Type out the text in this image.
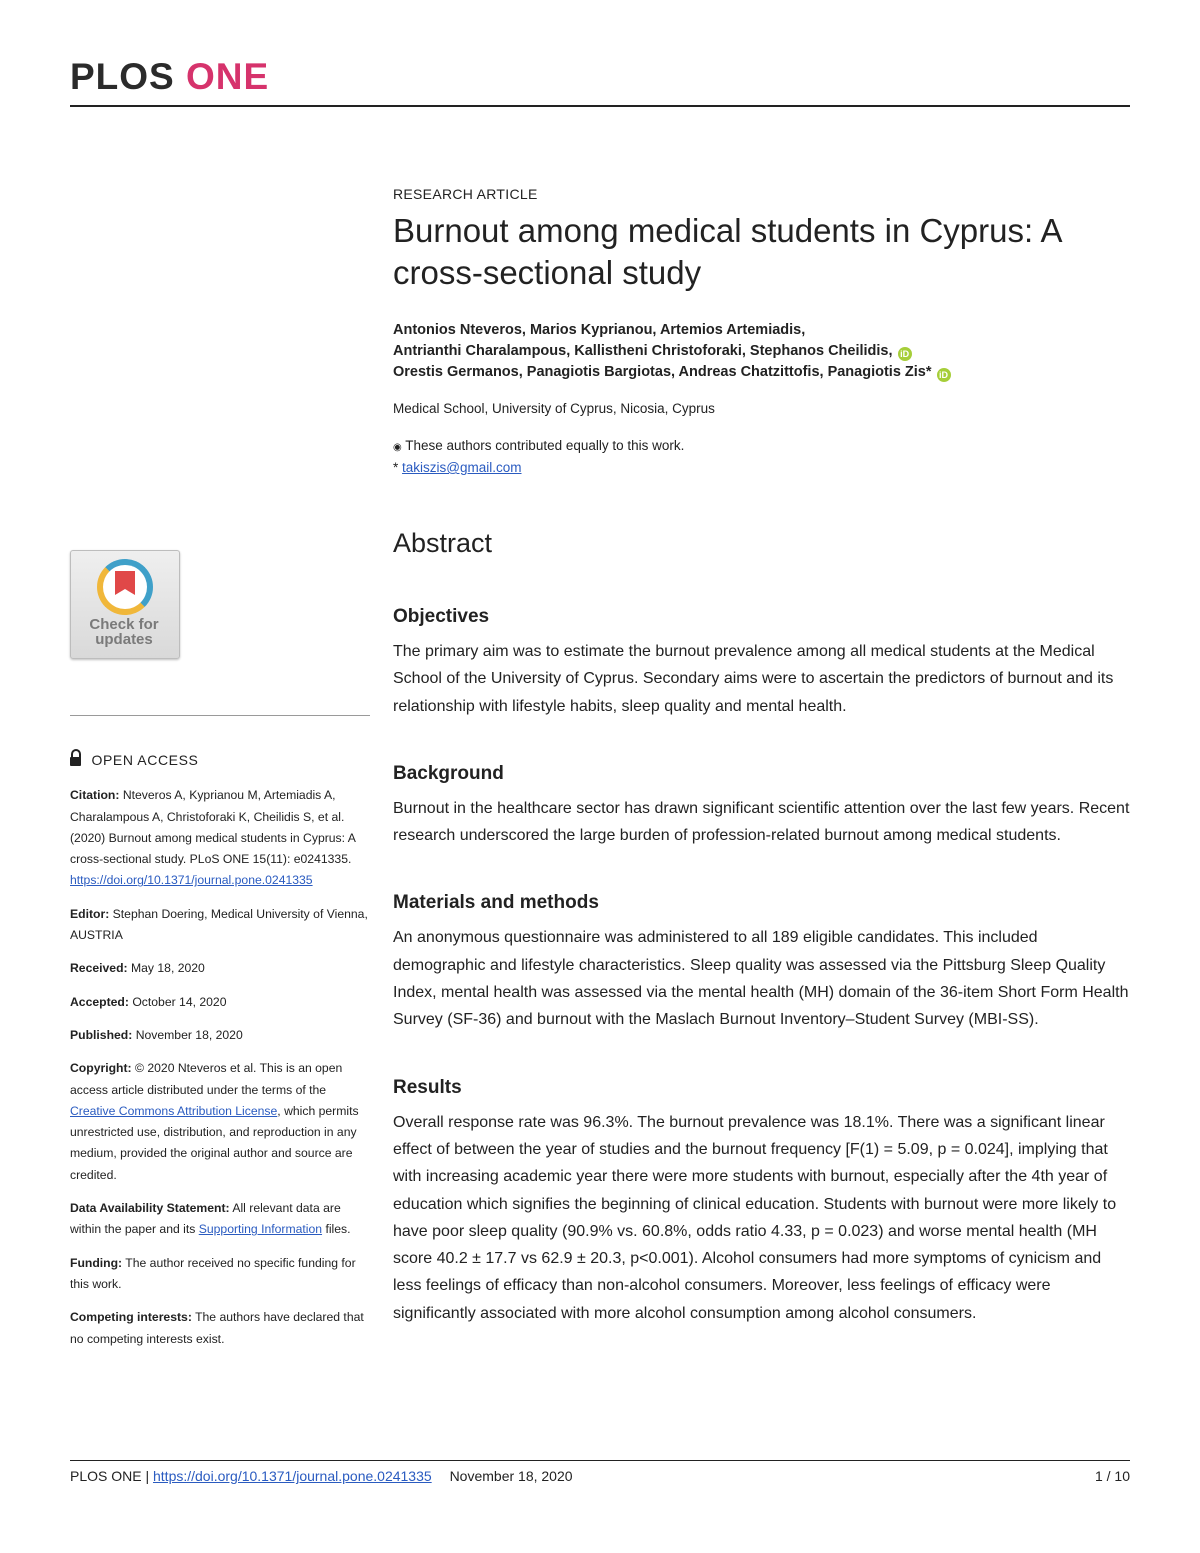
PLOS ONE

RESEARCH ARTICLE

Burnout among medical students in Cyprus: A cross-sectional study
Antonios Nteveros, Marios Kyprianou, Artemios Artemiadis,
Antrianthi Charalampous, Kallistheni Christoforaki, Stephanos Cheilidis, iD
Orestis Germanos, Panagiotis Bargiotas, Andreas Chatzittofis, Panagiotis Zis* iD
Medical School, University of Cyprus, Nicosia, Cyprus
◉ These authors contributed equally to this work.
* takiszis@gmail.com
Abstract
Objectives

The primary aim was to estimate the burnout prevalence among all medical students at the Medical School of the University of Cyprus. Secondary aims were to ascertain the predictors of burnout and its relationship with lifestyle habits, sleep quality and mental health.

Background

Burnout in the healthcare sector has drawn significant scientific attention over the last few years. Recent research underscored the large burden of profession-related burnout among medical students.

Materials and methods

An anonymous questionnaire was administered to all 189 eligible candidates. This included demographic and lifestyle characteristics. Sleep quality was assessed via the Pittsburg Sleep Quality Index, mental health was assessed via the mental health (MH) domain of the 36-item Short Form Health Survey (SF-36) and burnout with the Maslach Burnout Inventory–Student Survey (MBI-SS).

Results

Overall response rate was 96.3%. The burnout prevalence was 18.1%. There was a significant linear effect of between the year of studies and the burnout frequency [F(1) = 5.09, p = 0.024], implying that with increasing academic year there were more students with burnout, especially after the 4th year of education which signifies the beginning of clinical education. Students with burnout were more likely to have poor sleep quality (90.9% vs. 60.8%, odds ratio 4.33, p = 0.023) and worse mental health (MH score 40.2 ± 17.7 vs 62.9 ± 20.3, p<0.001). Alcohol consumers had more symptoms of cynicism and less feelings of efficacy than non-alcohol consumers. Moreover, less feelings of efficacy were significantly associated with more alcohol consumption among alcohol consumers.

Check for updates
OPEN ACCESS

Citation: Nteveros A, Kyprianou M, Artemiadis A, Charalampous A, Christoforaki K, Cheilidis S, et al. (2020) Burnout among medical students in Cyprus: A cross-sectional study. PLoS ONE 15(11): e0241335. https://doi.org/10.1371/journal.pone.0241335

Editor: Stephan Doering, Medical University of Vienna, AUSTRIA

Received: May 18, 2020

Accepted: October 14, 2020

Published: November 18, 2020

Copyright: © 2020 Nteveros et al. This is an open access article distributed under the terms of the Creative Commons Attribution License, which permits unrestricted use, distribution, and reproduction in any medium, provided the original author and source are credited.

Data Availability Statement: All relevant data are within the paper and its Supporting Information files.

Funding: The author received no specific funding for this work.

Competing interests: The authors have declared that no competing interests exist.

PLOS ONE | https://doi.org/10.1371/journal.pone.0241335 November 18, 2020	1 / 10
